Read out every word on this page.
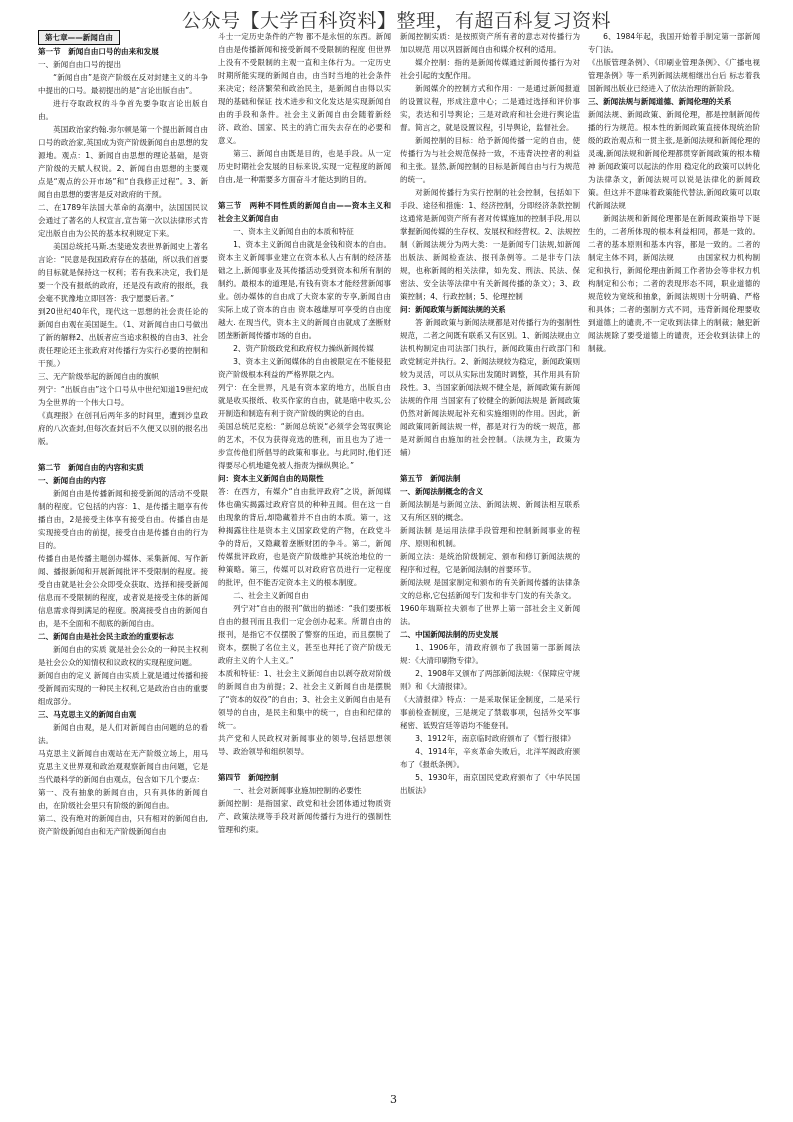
公众号【大学百科资料】整理，有超百科复习资料

第七章——新闻自由

第一节　新闻自由口号的由来和发展

一、新闻自由口号的提出

“新闻自由”是资产阶级在反对封建主义的斗争中提出的口号。最初提出的是“言论出版自由”。

进行夺取政权的斗争首先要争取言论出版自由。

英国政治家约翰.弥尔顿是第一个提出新闻自由口号的政治家,英国成为资产阶级新闻自由思想的发源地。观点：1、新闻自由思想的理论基础，是资产阶级的天赋人权说。2、新闻自由思想的主要观点是“观点的公开市场”和“自我修正过程”。3、新闻自由思想的要害是反对政府的干预。

二、在1789年法国大革命的高潮中，法国国民议会通过了著名的人权宣言,宣告第一次以法律形式肯定出版自由为公民的基本权利规定下来。

美国总统托马斯.杰斐逊发表世界新闻史上著名言论：“民意是我国政府存在的基础，所以我们首要的目标就是保持这一权利；若有我来决定，我们是要一个没有报纸的政府，还是没有政府的报纸，我会毫不犹豫地立即回答：我宁愿要后者。”

到20世纪40年代，现代这一思想的社会责任论的新闻自由观在美国诞生。（1、对新闻自由口号做出了新的解释2、出版者应当追求积极的自由3、社会责任理论还主张政府对传播行为实行必要的控制和干预。）

三、无产阶级举起的新闻自由的旗帜

列宁：“出版自由”这个口号从中世纪知道19世纪成为全世界的一个伟大口号。

《真理报》在创刊后两年多的时间里，遭到沙皇政府的八次查封,但每次查封后不久便又以别的报名出版。

第二节　新闻自由的内容和实质

一、新闻自由的内容

新闻自由是传播新闻和接受新闻的活动不受限制的程度。它包括的内容：1、是传播主题享有传播自由，2是接受主体享有接受自由。传播自由是实现接受自由的前提，接受自由是传播自由的行为目的。

传播自由是传播主题创办媒体、采集新闻、写作新闻、播报新闻和开展新闻批评不受限制的程度。接受自由就是社会公众即受众获取、选择和接受新闻信息而不受限制的程度，或者说是接受主体的新闻信息需求得到满足的程度。脱离接受自由的新闻自由，是不全面和不彻底的新闻自由。

二、新闻自由是社会民主政治的重要标志

新闻自由的实质 就是社会公众的一种民主权利 是社会公众的知情权和议政权的实现程度问题。

新闻自由的定义 新闻自由实质上就是通过传播和接受新闻而实现的一种民主权利,它是政治自由的重要组成部分。

三、马克思主义的新闻自由观

新闻自由观，是人们对新闻自由问题的总的看法。

马克思主义新闻自由观站在无产阶级立场上，用马克思主义世界观和政治观观察新闻自由问题，它是当代最科学的新闻自由观点，包含如下几个要点：

第一、没有抽象的新闻自由，只有具体的新闻自由，在阶级社会里只有阶级的新闻自由。

第二、没有绝对的新闻自由，只有相对的新闻自由,资产阶级新闻自由和无产阶级新闻自由

斗士一定历史条件的产物 都不是永恒的东西。新闻自由是传播新闻和接受新闻不受限制的程度 但世界上没有不受限制的主观一直和主体行为。一定历史时期所能实现的新闻自由，由当时当地的社会条件来决定；经济繁荣和政治民主，是新闻自由得以实现的基础和保证 技术进步和文化发达是实现新闻自由的手段和条件。社会主义新闻自由会随着新经济、政治、国家、民主的消亡而失去存在的必要和意义。

第三、新闻自由既是目的，也是手段。从一定历史时期社会发展的目标来说,实现一定程度的新闻自由,是一种需要多方面奋斗才能达到的目的。

第三节　两种不同性质的新闻自由——资本主义和社会主义新闻自由

一、资本主义新闻自由的本质和特征

1、资本主义新闻自由就是金钱和资本的自由。资本主义新闻事业建立在资本私人占有制的经济基础之上,新闻事业及其传播活动受到资本和所有制的制约。最根本的道理是,有钱有资本才能经营新闻事业。创办媒体的自由成了大资本家的专享,新闻自由实际上成了资本的自由 资本越雄厚可享受的自由度越大. 在现当代，资本主义的新闻自由就成了垄断财团垄断新闻传播市场的自由。

2、资产阶级政党和政府权力操纵新闻传媒

3、资本主义新闻媒体的自由被限定在不能侵犯资产阶级根本利益的严格界限之内。

列宁：在全世界，凡是有资本家的地方，出版自由就是收买报纸、收买作家的自由，就是暗中收买,公开制造和制造有利于资产阶级的舆论的自由。

美国总统尼克松：“新闻总统说“必须学会驾驭舆论的艺术，不仅为获得竞选的胜利，而且也为了进一步宣传他们所倡导的政策和事业。与此同时,他们还得要尽心机地避免被人指责为操纵舆论。”

问：资本主义新闻自由的局限性

答：在西方，有媒介“自由批评政府”之说，新闻媒体也确实揭露过政府官员的种种丑闻。但在这一自由现象的背后,却隐藏着并不自由的本质。第一，这种揭露往往是资本主义国家政党的产物，在政党斗争的背后，又隐藏着垄断财团的争斗。第二，新闻传媒批评政府，也是资产阶级维护其统治地位的一种策略。第三，传媒可以对政府官员进行一定程度的批评，但不能否定资本主义的根本制度。

二、社会主义新闻自由

列宁对“自由的报刊”做出的描述：“我们要那板自由的报刊而且我们一定会创办起来。所谓自由的报刊，是指它不仅摆脱了警察的压迫，而且摆脱了资本，摆脱了名位主义，甚至也拜托了资产阶级无政府主义的个人主义。”

本质和特征：1、社会主义新闻自由以剥夺敌对阶级的新闻自由为前提；2、社会主义新闻自由是摆脱了“资本的奴役”的自由；3、社会主义新闻自由是有领导的自由，是民主和集中的统一，自由和纪律的统一。

共产党和人民政权对新闻事业的领导,包括思想领导、政治领导和组织领导。

第四节　新闻控制

一、社会对新闻事业施加控制的必要性

新闻控制：是指国家、政党和社会团体通过物质资产、政策法规等手段对新闻传播行为进行的强制性管理和约束。

新闻控制实质：是按照资产所有者的意志对传播行为加以规范 用以巩固新闻自由和媒介权利的适用。

媒介控制：指的是新闻传媒通过新闻传播行为对社会引起的支配作用。

新闻媒介的控制方式和作用：一是通过新闻报道的设置议程，形成注意中心；二是通过选择和评价事实，表达和引导舆论；三是对政府和社会进行舆论监督。简言之，就是设置议程，引导舆论，监督社会。

新闻控制的目标：给予新闻传播一定的自由，使传播行为与社会规范保持一致，不违背决控者的利益和主张。显然,新闻控制的目标是新闻自由与行为规范的统一。

对新闻传播行为实行控制的社会控制，包括如下手段、途径和措施：1、经济控制，分即经济条款控制 这通常是新闻资产所有者对传媒施加的控制手段,用以掌握新闻传媒的生存权、发展权和经营权。2、法规控制（新闻法规分为两大类：一是新闻专门法规,如新闻出版法、新闻检查法、报刊条例等。二是非专门法规，也称新闻的相关法律，如先发、刑法、民法、保密法、安全法等法律中有关新闻传播的条文）；3、政策控制；4、行政控制；5、伦理控制

问：新闻政策与新闻法规的关系

答 新闻政策与新闻法规都是对传播行为的强制性规范，二者之间既有联系又有区别。1、新闻法规由立法机构制定由司法部门执行，新闻政策由行政部门和政党制定并执行。2、新闻法规较为稳定，新闻政策则较为灵活，可以从实际出发随时调整，其作用具有阶段性。3、当国家新闻法规不健全是，新闻政策有新闻法规的作用 当国家有了较健全的新闻法规是 新闻政策仍然对新闻法规起补充和实施细则的作用。因此，新闻政策同新闻法规一样，都是对行为的统一规范，都是对新闻自由施加的社会控制。（法规为主，政策为辅）

第五节　新闻法制

一、新闻法制概念的含义

新闻法制是与新闻立法、新闻法规、新闻法相互联系又有所区别的概念。

新闻法制 是运用法律手段管理和控制新闻事业的程序、原则和机制。

新闻立法：是统治阶级制定、颁布和修订新闻法规的程序和过程，它是新闻法制的首要环节。

新闻法规 是国家制定和颁布的有关新闻传播的法律条文的总称,它包括新闻专门发和非专门发的有关条文。

1960年瑞斯拉夫颁布了世界上第一部社会主义新闻法。

二、中国新闻法制的历史发展

1、1906年，清政府颁布了我国第一部新闻法规：《大清印刷物专律》。

2、1908年又颁布了两部新闻法规：《保障应守规则》和《大清报律》。

《大清报律》特点：一是采取保证金制度，二是采行事前检查制度，三是规定了禁载事项，包括外交军事秘密、诋毁宫廷等语均不能登刊。

3、1912年，南京临时政府颁布了《暂行报律》

4、1914年，辛亥革命失败后，北洋军阀政府颁布了《报纸条例》。

5、1930年，南京国民党政府颁布了《中华民国出版法》

6、1984年起，我国开始着手制定第一部新闻专门法。

《出版管理条例》、《印刷业管理条例》、《广播电视管理条例》等一系列新闻法规相继出台后 标志着我国新闻出版业已经进入了依法治理的新阶段。

三、新闻法规与新闻道德、新闻伦理的关系

新闻法规、新闻政策、新闻伦理，都是控制新闻传播的行为规范。根本性的新闻政策直接体现统治阶级的政治观点和一贯主张,是新闻法规和新闻伦理的灵魂,新闻法规和新闻伦理都贯穿新闻政策的根本精神 新闻政策可以起法的作用 稳定化的政策可以转化为法律条文，新闻法规可以说是法律化的新闻政策。但这并不意味着政策能代替法,新闻政策可以取代新闻法规

新闻法规和新闻伦理都是在新闻政策指导下诞生的，二者所体现的根本利益相同，都是一致的。二者的基本原则和基本内容，都是一致的。二者的制定主体不同，新闻法规　　　由国家权力机构制定和执行，新闻伦理由新闻工作者协会等非权力机构制定和公布；二者的表现形态不同，职业道德的规范较为宽统和抽象，新闻法规则十分明确、严格和具体；二者的强制方式不同，违背新闻伦理要收到道德上的谴责,不一定收到法律上的制裁；触犯新闻法规除了要受道德上的谴责，还会收到法律上的制裁。

3
